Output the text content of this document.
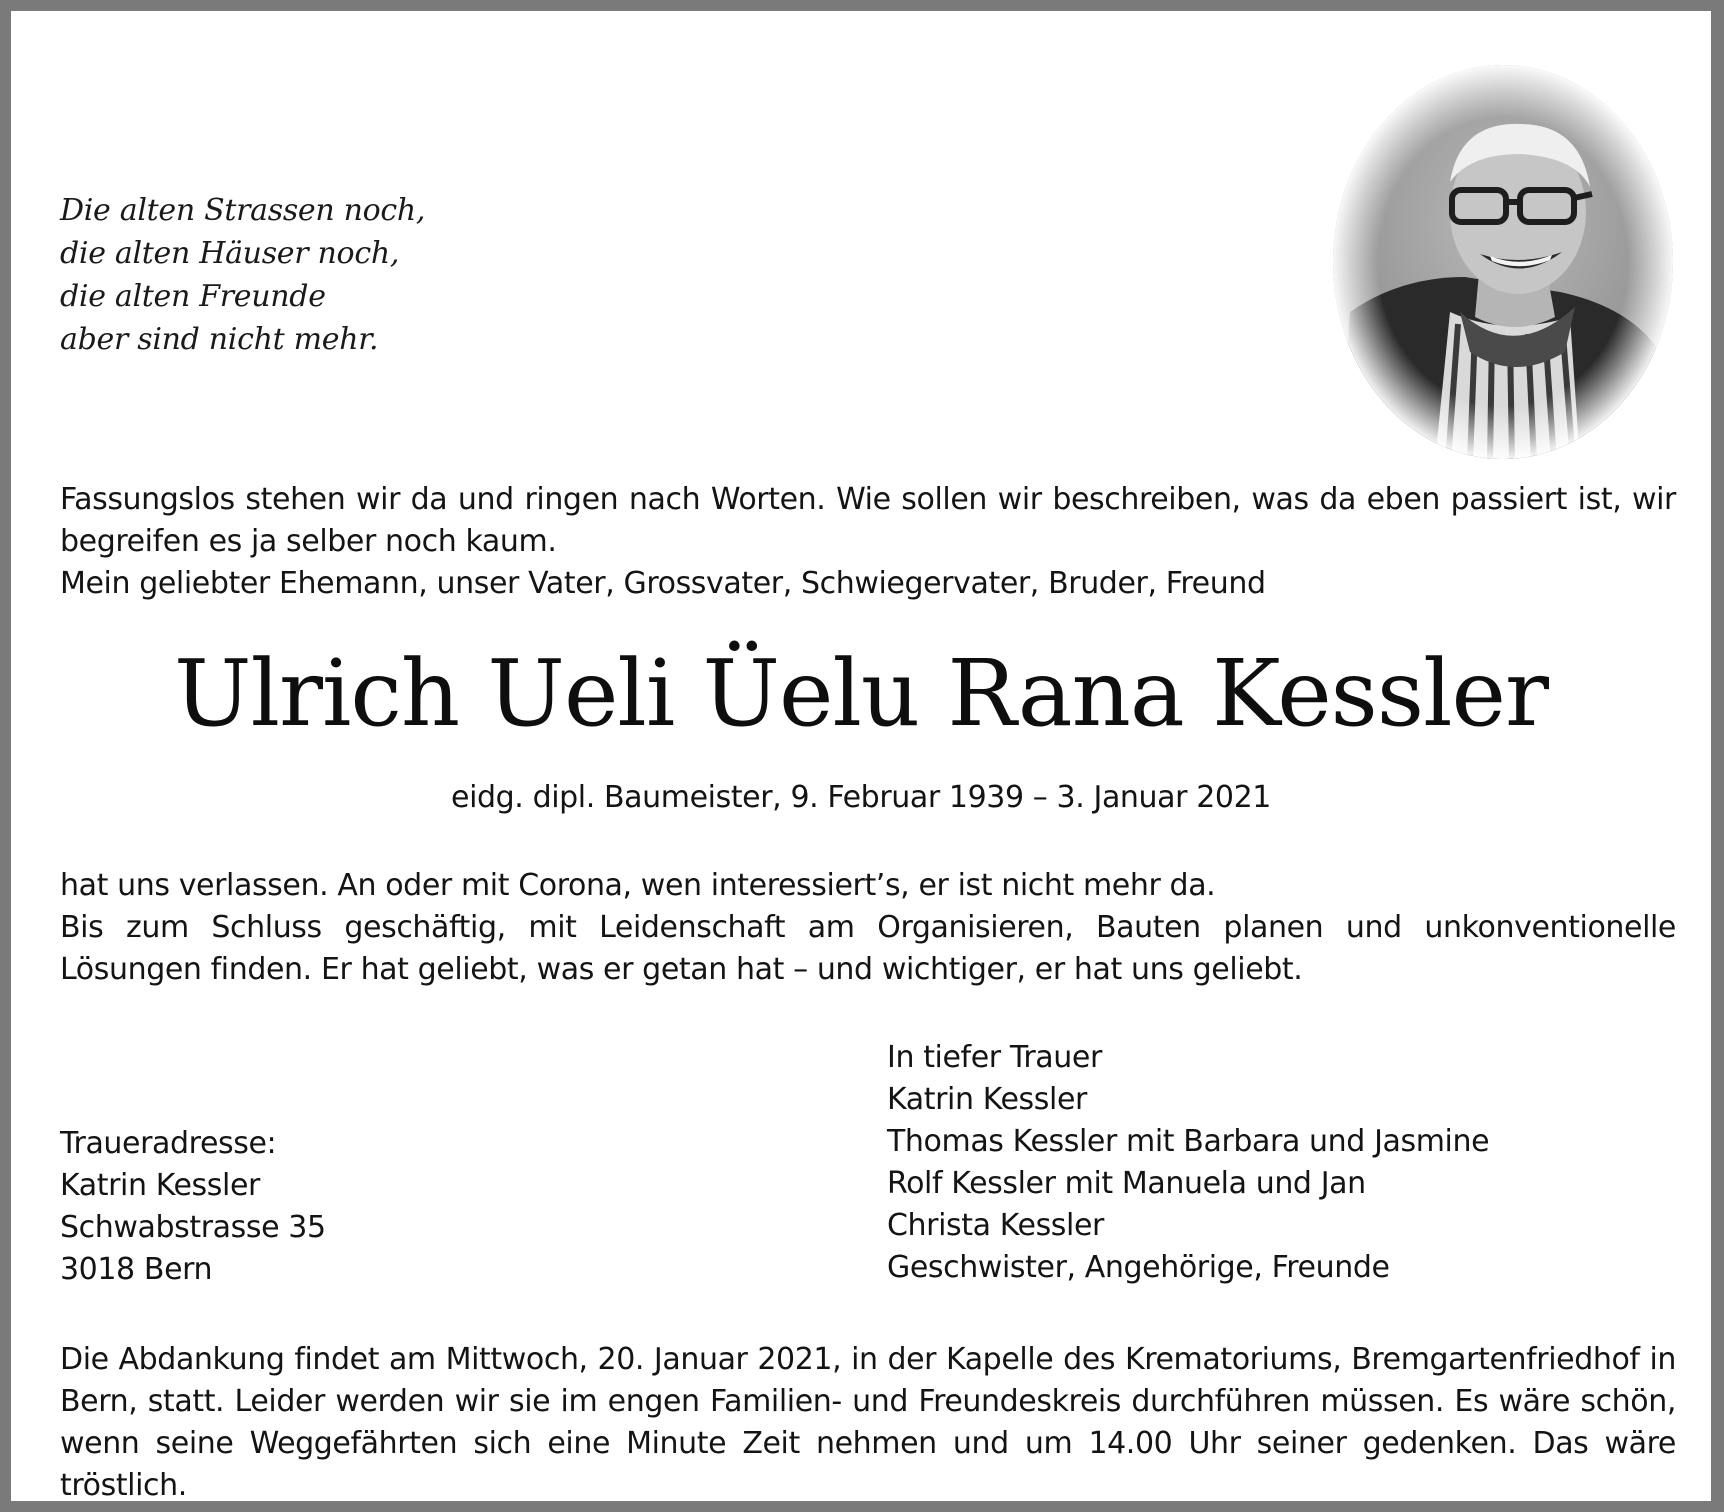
Die alten Strassen noch,
die alten Häuser noch,
die alten Freunde
aber sind nicht mehr.

Fassungslos stehen wir da und ringen nach Worten. Wie sollen wir beschreiben, was da eben passiert ist, wir begreifen es ja selber noch kaum.

Mein geliebter Ehemann, unser Vater, Grossvater, Schwiegervater, Bruder, Freund

Ulrich Ueli Üelu Rana Kessler
eidg. dipl. Baumeister, 9. Februar 1939 – 3. Januar 2021

hat uns verlassen. An oder mit Corona, wen interessiert’s, er ist nicht mehr da.

Bis zum Schluss geschäftig, mit Leidenschaft am Organisieren, Bauten planen und unkonventionelle Lösungen finden. Er hat geliebt, was er getan hat – und wichtiger, er hat uns geliebt.

Traueradresse:
Katrin Kessler
Schwabstrasse 35
3018 Bern
In tiefer Trauer
Katrin Kessler
Thomas Kessler mit Barbara und Jasmine
Rolf Kessler mit Manuela und Jan
Christa Kessler
Geschwister, Angehörige, Freunde

Die Abdankung findet am Mittwoch, 20. Januar 2021, in der Kapelle des Krematoriums, Bremgartenfriedhof in Bern, statt. Leider werden wir sie im engen Familien- und Freundeskreis durchführen müssen. Es wäre schön, wenn seine Weggefährten sich eine Minute Zeit nehmen und um 14.00 Uhr seiner gedenken. Das wäre tröstlich.
